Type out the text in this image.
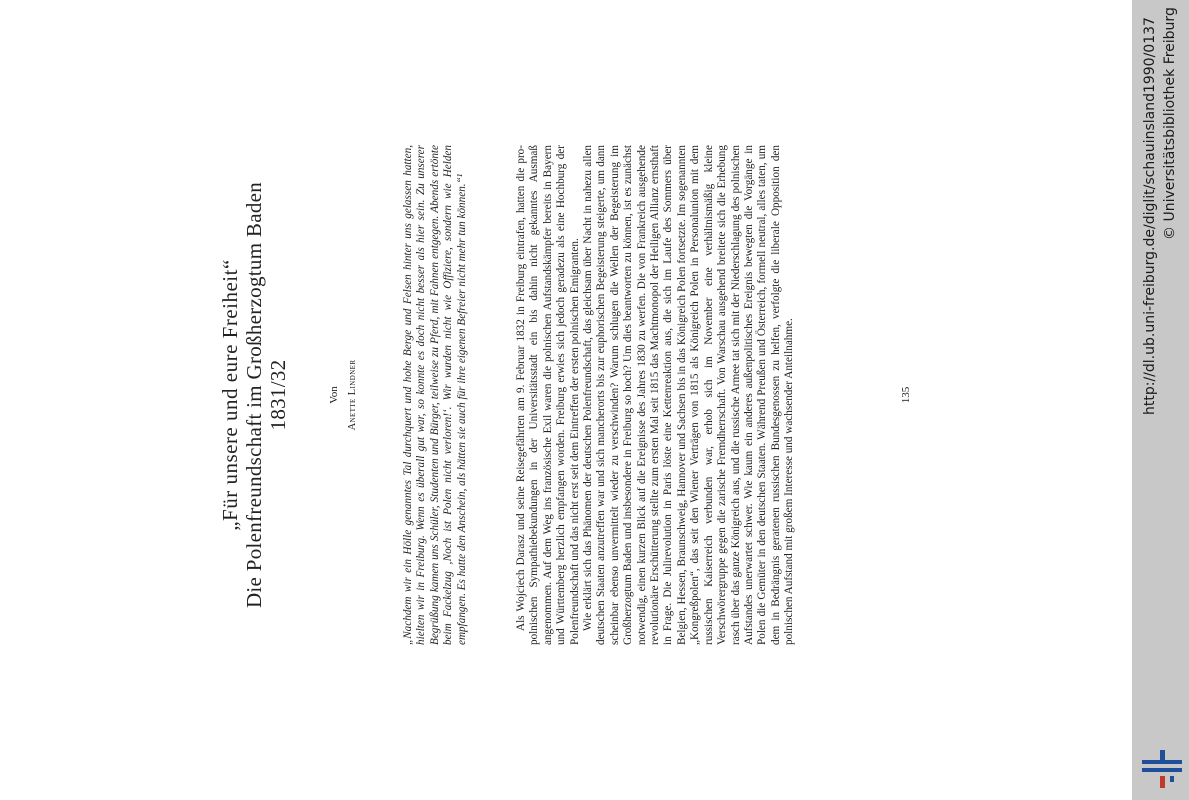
„Für unsere und eure Freiheit“ Die Polenfreundschaft im Großherzogtum Baden 1831/32	Von Anette Lindner	„Nachdem wir ein Hölle genanntes Tal durchquert und hohe Berge und Felsen hinter uns gelassen hatten, hielten wir in Freiburg. Wenn es überall gut war, so konnte es doch nicht besser als hier sein. Zu unserer Begrüßung kamen uns Schüler, Studenten und Bürger, teilweise zu Pferd, mit Fahnen entgegen. Abends ertönte beim Fackelzug ‚Noch ist Polen nicht verloren!‘. Wir wurden nicht wie Offiziere, sondern wie Helden empfangen. Es hatte den Anschein, als hätten sie auch für ihre eigenen Befreier nicht mehr tun können.“¹	Als Wojciech Darasz und seine Reisegefährten am 9. Februar 1832 in Freiburg eintrafen, hatten die pro-polnischen Sympathiebekundungen in der Universitätsstadt ein bis dahin nicht gekanntes Ausmaß angenommen. Auf dem Weg ins französische Exil waren die polnischen Aufstandskämpfer bereits in Bayern und Württemberg herzlich empfangen worden. Freiburg erwies sich jedoch geradezu als eine Hochburg der Polenfreundschaft und das nicht erst seit dem Eintreffen der ersten polnischen Emigranten. Wie erklärt sich das Phänomen der deutschen Polenfreundschaft, das gleichsam über Nacht in nahezu allen deutschen Staaten anzutreffen war und sich mancherorts bis zur euphorischen Begeisterung steigerte, um dann scheinbar ebenso unvermittelt wieder zu verschwinden? Warum schlugen die Wellen der Begeisterung im Großherzogtum Baden und insbesondere in Freiburg so hoch? Um dies beantworten zu können, ist es zunächst notwendig, einen kurzen Blick auf die Ereignisse des Jahres 1830 zu werfen. Die von Frankreich ausgehende revolutionäre Erschütterung stellte zum ersten Mal seit 1815 das Machtmonopol der Heiligen Allianz ernsthaft in Frage. Die Julirevolution in Paris löste eine Kettenreaktion aus, die sich im Laufe des Sommers über Belgien, Hessen, Braunschweig, Hannover und Sachsen bis in das Königreich Polen fortsetzte. Im sogenannten „Kongreßpolen“, das seit den Wiener Verträgen von 1815 als Königreich Polen in Personalunion mit dem russischen Kaiserreich verbunden war, erhob sich im November eine verhältnismäßig kleine Verschwörergruppe gegen die zarische Fremdherrschaft. Von Warschau ausgehend breitete sich die Erhebung rasch über das ganze Königreich aus, und die russische Armee tat sich mit der Niederschlagung des polnischen Aufstandes unerwartet schwer. Wie kaum ein anderes außenpolitisches Ereignis bewegten die Vorgänge in Polen die Gemüter in den deutschen Staaten. Während Preußen und Österreich, formell neutral, alles taten, um dem in Bedrängnis geratenen russischen Bundesgenossen zu helfen, verfolgte die liberale Opposition den polnischen Aufstand mit großem Interesse und wachsender Anteilnahme.	135	http://dl.ub.uni-freiburg.de/diglit/schauinsland1990/0137 © Universitätsbibliothek Freiburg
